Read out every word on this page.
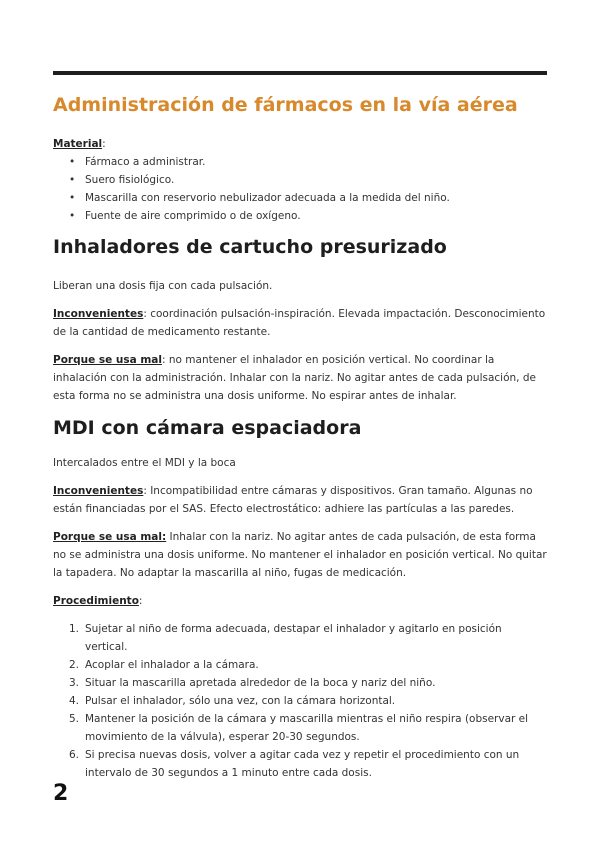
Administración de fármacos en la vía aérea

Material:

• Fármaco a administrar.
• Suero fisiológico.
• Mascarilla con reservorio nebulizador adecuada a la medida del niño.
• Fuente de aire comprimido o de oxígeno.
Inhaladores de cartucho presurizado

Liberan una dosis fija con cada pulsación.

Inconvenientes: coordinación pulsación-inspiración. Elevada impactación. Desconocimiento de la cantidad de medicamento restante.

Porque se usa mal: no mantener el inhalador en posición vertical. No coordinar la inhalación con la administración. Inhalar con la nariz. No agitar antes de cada pulsación, de esta forma no se administra una dosis uniforme. No espirar antes de inhalar.

MDI con cámara espaciadora

Intercalados entre el MDI y la boca

Inconvenientes: Incompatibilidad entre cámaras y dispositivos. Gran tamaño. Algunas no están financiadas por el SAS. Efecto electrostático: adhiere las partículas a las paredes.

Porque se usa mal: Inhalar con la nariz. No agitar antes de cada pulsación, de esta forma no se administra una dosis uniforme. No mantener el inhalador en posición vertical. No quitar la tapadera. No adaptar la mascarilla al niño, fugas de medicación.

Procedimiento:

1. Sujetar al niño de forma adecuada, destapar el inhalador y agitarlo en posición vertical.
2. Acoplar el inhalador a la cámara.
3. Situar la mascarilla apretada alrededor de la boca y nariz del niño.
4. Pulsar el inhalador, sólo una vez, con la cámara horizontal.
5. Mantener la posición de la cámara y mascarilla mientras el niño respira (observar el movimiento de la válvula), esperar 20-30 segundos.
6. Si precisa nuevas dosis, volver a agitar cada vez y repetir el procedimiento con un intervalo de 30 segundos a 1 minuto entre cada dosis.
2
